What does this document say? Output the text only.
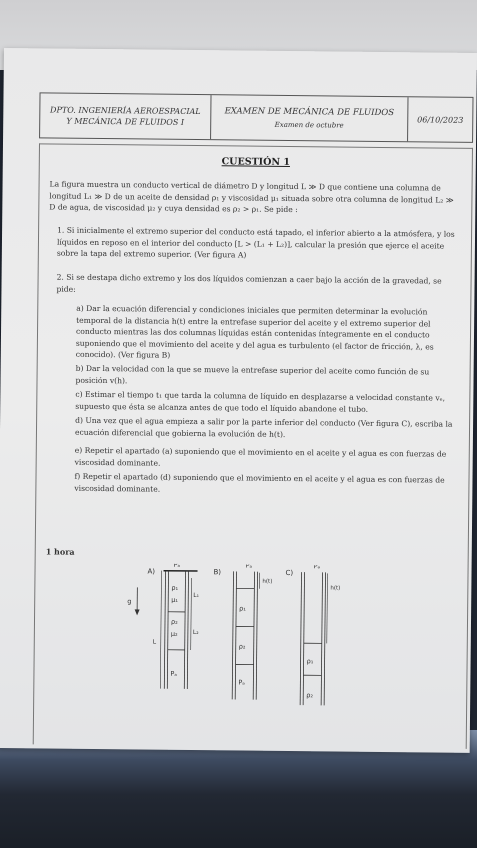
DPTO. INGENIERÍA AEROESPACIAL
Y MECÁNICA DE FLUIDOS I
EXAMEN DE MECÁNICA DE FLUIDOS
Examen de octubre
06/10/2023
CUESTIÓN 1
La figura muestra un conducto vertical de diámetro D y longitud L ≫ D que contiene una columna de longitud L₁ ≫ D de un aceite de densidad ρ₁ y viscosidad μ₁ situada sobre otra columna de longitud L₂ ≫ D de agua, de viscosidad μ₂ y cuya densidad es ρ₂ > ρ₁. Se pide :
1. Si inicialmente el extremo superior del conducto está tapado, el inferior abierto a la atmósfera, y los líquidos en reposo en el interior del conducto [L > (L₁ + L₂)], calcular la presión que ejerce el aceite sobre la tapa del extremo superior. (Ver figura A)
2. Si se destapa dicho extremo y los dos líquidos comienzan a caer bajo la acción de la gravedad, se pide:
a) Dar la ecuación diferencial y condiciones iniciales que permiten determinar la evolución temporal de la distancia h(t) entre la entrefase superior del aceite y el extremo superior del conducto mientras las dos columnas líquidas están contenidas íntegramente en el conducto suponiendo que el movimiento del aceite y del agua es turbulento (el factor de fricción, λ, es conocido). (Ver figura B)
b) Dar la velocidad con la que se mueve la entrefase superior del aceite como función de su posición v(h).
c) Estimar el tiempo t₁ que tarda la columna de líquido en desplazarse a velocidad constante vₑ, supuesto que ésta se alcanza antes de que todo el líquido abandone el tubo.
d) Una vez que el agua empieza a salir por la parte inferior del conducto (Ver figura C), escriba la ecuación diferencial que gobierna la evolución de h(t).
e) Repetir el apartado (a) suponiendo que el movimiento en el aceite y el agua es con fuerzas de viscosidad dominante.
f) Repetir el apartado (d) suponiendo que el movimiento en el aceite y el agua es con fuerzas de viscosidad dominante.
1 hora
A)
Pₐ
ρ₁
μ₁
ρ₂
μ₂
Pₐ
L₁
L₂
L
g
B)
Pₐ
ρ₁
ρ₂
Pₐ
h(t)
C)
Pₐ
ρ₁
ρ₂
h(t)
